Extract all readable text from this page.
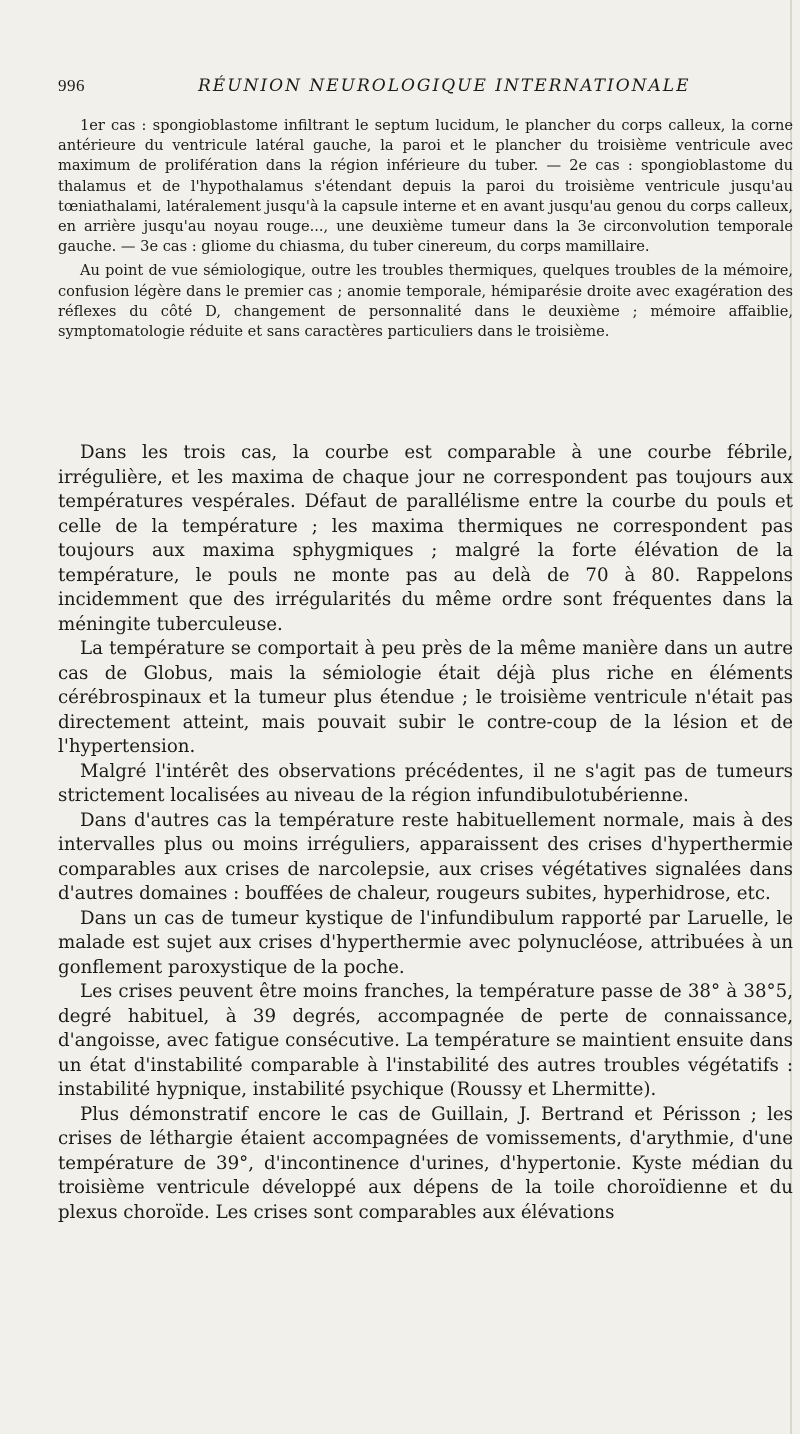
996	RÉUNION NEUROLOGIQUE INTERNATIONALE

1er cas : spongioblastome infiltrant le septum lucidum, le plancher du corps calleux, la corne antérieure du ventricule latéral gauche, la paroi et le plancher du troisième ventricule avec maximum de prolifération dans la région inférieure du tuber. — 2e cas : spongioblastome du thalamus et de l'hypothalamus s'étendant depuis la paroi du troisième ventricule jusqu'au tœniathalami, latéralement jusqu'à la capsule interne et en avant jusqu'au genou du corps calleux, en arrière jusqu'au noyau rouge..., une deuxième tumeur dans la 3e circonvolution temporale gauche. — 3e cas : gliome du chiasma, du tuber cinereum, du corps mamillaire.

Au point de vue sémiologique, outre les troubles thermiques, quelques troubles de la mémoire, confusion légère dans le premier cas ; anomie temporale, hémiparésie droite avec exagération des réflexes du côté D, changement de personnalité dans le deuxième ; mémoire affaiblie, symptomatologie réduite et sans caractères particuliers dans le troisième.

Dans les trois cas, la courbe est comparable à une courbe fébrile, irrégulière, et les maxima de chaque jour ne correspondent pas toujours aux températures vespérales. Défaut de parallélisme entre la courbe du pouls et celle de la température ; les maxima thermiques ne correspondent pas toujours aux maxima sphygmiques ; malgré la forte élévation de la température, le pouls ne monte pas au delà de 70 à 80. Rappelons incidemment que des irrégularités du même ordre sont fréquentes dans la méningite tuberculeuse.

La température se comportait à peu près de la même manière dans un autre cas de Globus, mais la sémiologie était déjà plus riche en éléments cérébrospinaux et la tumeur plus étendue ; le troisième ventricule n'était pas directement atteint, mais pouvait subir le contre-coup de la lésion et de l'hypertension.

Malgré l'intérêt des observations précédentes, il ne s'agit pas de tumeurs strictement localisées au niveau de la région infundibulotubérienne.

Dans d'autres cas la température reste habituellement normale, mais à des intervalles plus ou moins irréguliers, apparaissent des crises d'hyperthermie comparables aux crises de narcolepsie, aux crises végétatives signalées dans d'autres domaines : bouffées de chaleur, rougeurs subites, hyperhidrose, etc.

Dans un cas de tumeur kystique de l'infundibulum rapporté par Laruelle, le malade est sujet aux crises d'hyperthermie avec polynucléose, attribuées à un gonflement paroxystique de la poche.

Les crises peuvent être moins franches, la température passe de 38° à 38°5, degré habituel, à 39 degrés, accompagnée de perte de connaissance, d'angoisse, avec fatigue consécutive. La température se maintient ensuite dans un état d'instabilité comparable à l'instabilité des autres troubles végétatifs : instabilité hypnique, instabilité psychique (Roussy et Lhermitte).

Plus démonstratif encore le cas de Guillain, J. Bertrand et Périsson ; les crises de léthargie étaient accompagnées de vomissements, d'arythmie, d'une température de 39°, d'incontinence d'urines, d'hypertonie. Kyste médian du troisième ventricule développé aux dépens de la toile choroïdienne et du plexus choroïde. Les crises sont comparables aux élévations
